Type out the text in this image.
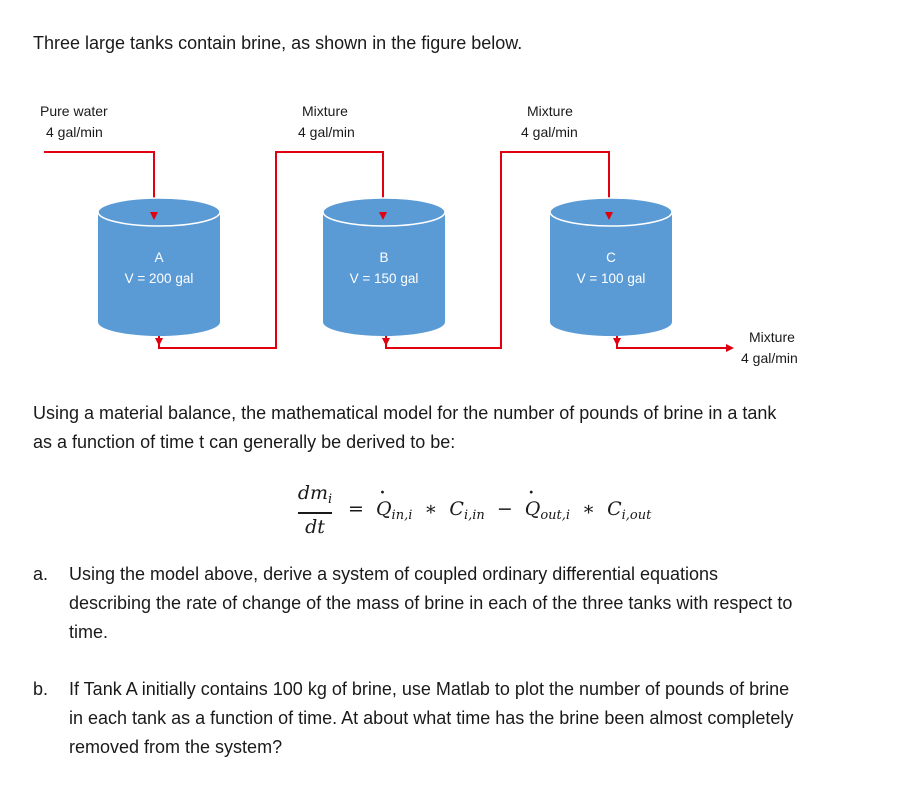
Three large tanks contain brine, as shown in the figure below.
Pure water
4 gal/min
Mixture
4 gal/min
Mixture
4 gal/min
Mixture
4 gal/min
A
V = 200 gal
B
V = 150 gal
C
V = 100 gal
Using a material balance, the mathematical model for the number of pounds of brine in a tank
as a function of time t can generally be derived to be:
$dm_i$
dt
= $Q \cdot_{in,i}$ ∗ $C_{i,in} - Q \cdot_{out,i}$ ∗ $C_{i,out}$
a. Using the model above, derive a system of coupled ordinary differential equations
describing the rate of change of the mass of brine in each of the three tanks with respect to
time.
b. If Tank A initially contains 100 kg of brine, use Matlab to plot the number of pounds of brine
in each tank as a function of time. At about what time has the brine been almost completely
removed from the system?
